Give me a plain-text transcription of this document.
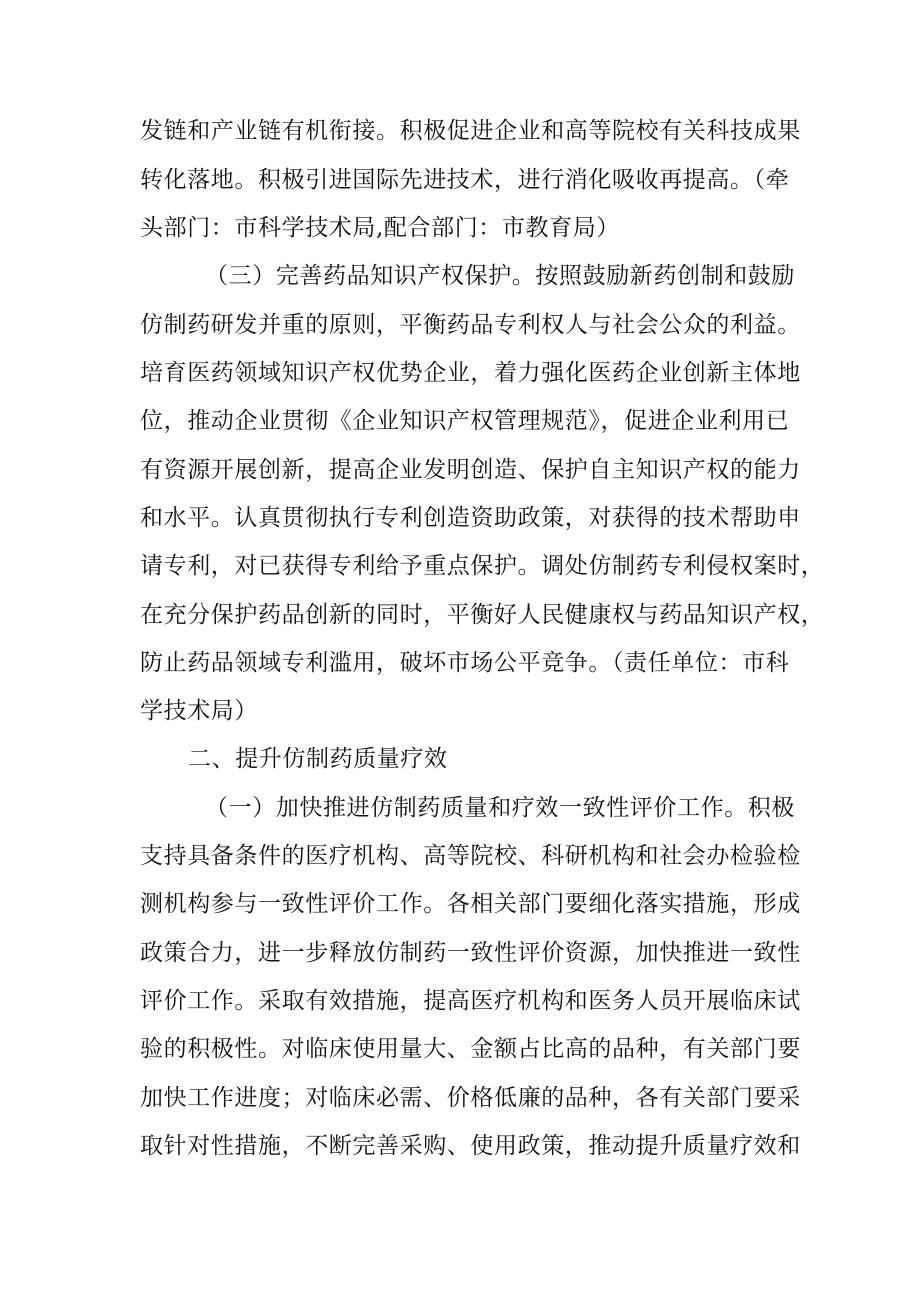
发链和产业链有机衔接。积极促进企业和高等院校有关科技成果
转化落地。积极引进国际先进技术，进行消化吸收再提高。（牵
头部门：市科学技术局,配合部门：市教育局）
（三）完善药品知识产权保护。按照鼓励新药创制和鼓励
仿制药研发并重的原则，平衡药品专利权人与社会公众的利益。
培育医药领域知识产权优势企业，着力强化医药企业创新主体地
位，推动企业贯彻《企业知识产权管理规范》，促进企业利用已
有资源开展创新，提高企业发明创造、保护自主知识产权的能力
和水平。认真贯彻执行专利创造资助政策，对获得的技术帮助申
请专利，对已获得专利给予重点保护。调处仿制药专利侵权案时，
在充分保护药品创新的同时，平衡好人民健康权与药品知识产权，
防止药品领域专利滥用，破坏市场公平竞争。（责任单位：市科
学技术局）
二、提升仿制药质量疗效
（一）加快推进仿制药质量和疗效一致性评价工作。积极
支持具备条件的医疗机构、高等院校、科研机构和社会办检验检
测机构参与一致性评价工作。各相关部门要细化落实措施，形成
政策合力，进一步释放仿制药一致性评价资源，加快推进一致性
评价工作。采取有效措施，提高医疗机构和医务人员开展临床试
验的积极性。对临床使用量大、金额占比高的品种，有关部门要
加快工作进度；对临床必需、价格低廉的品种，各有关部门要采
取针对性措施，不断完善采购、使用政策，推动提升质量疗效和
